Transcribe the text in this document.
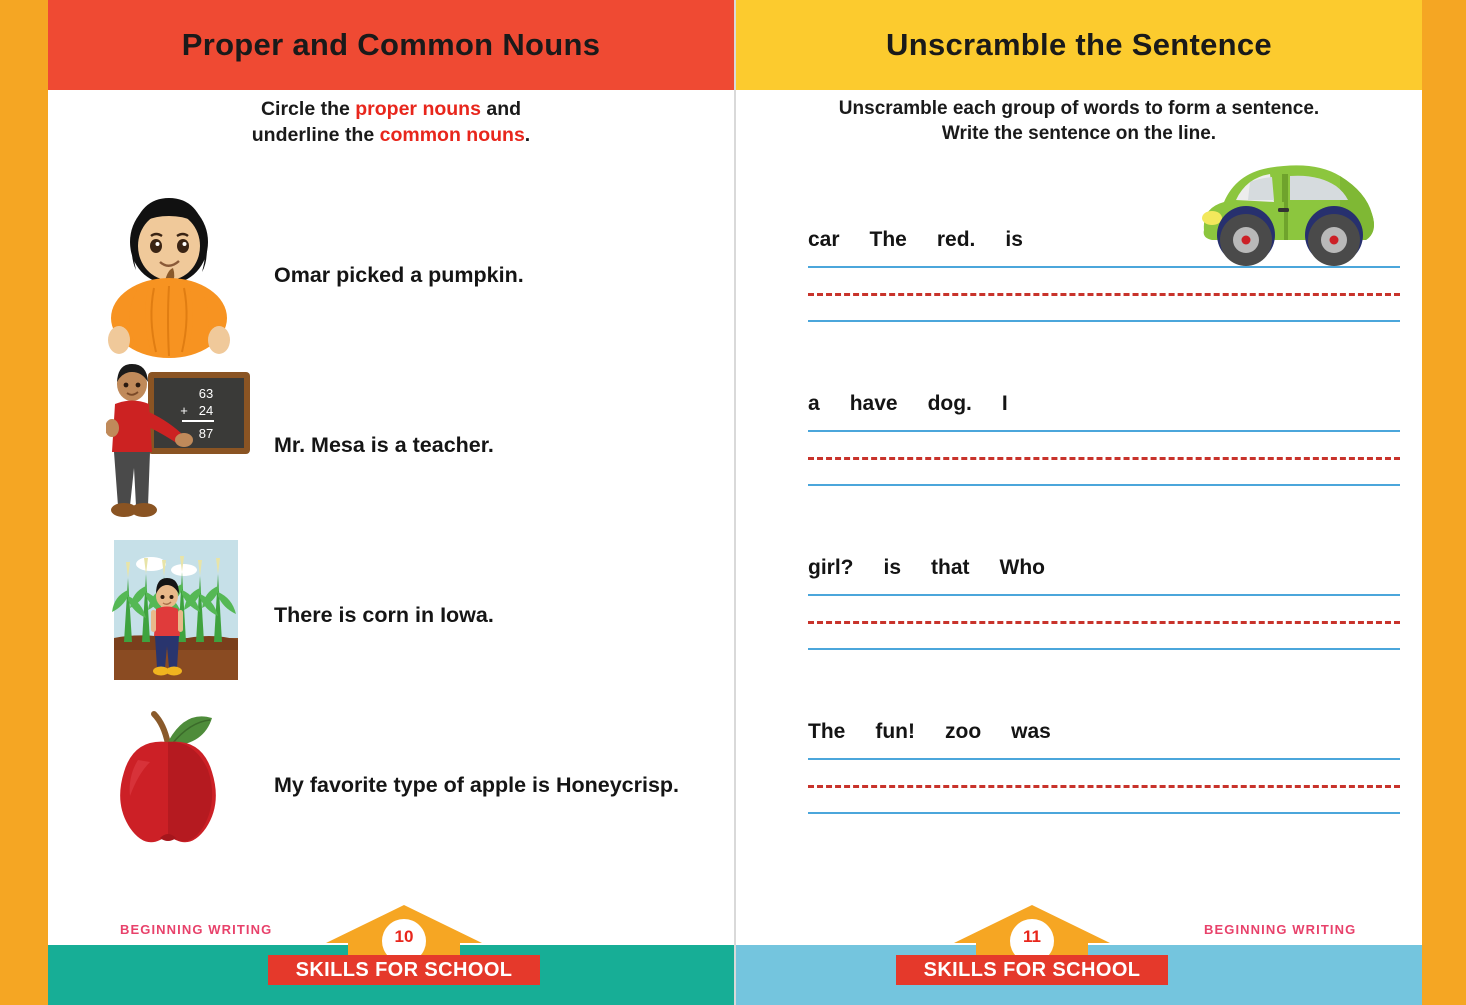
Proper and Common Nouns
Circle the proper nouns and
underline the common nouns.
Omar picked a pumpkin.
63
+ 24
87	Mr. Mesa is a teacher.
There is corn in Iowa.
My favorite type of apple is Honeycrisp.
BEGINNING WRITING	10
SKILLS FOR SCHOOL
Unscramble the Sentence
Unscramble each group of words to form a sentence.
Write the sentence on the line.
car The red. is
a have dog. I
girl? is that Who
The fun! zoo was
BEGINNING WRITING
11
SKILLS FOR SCHOOL
